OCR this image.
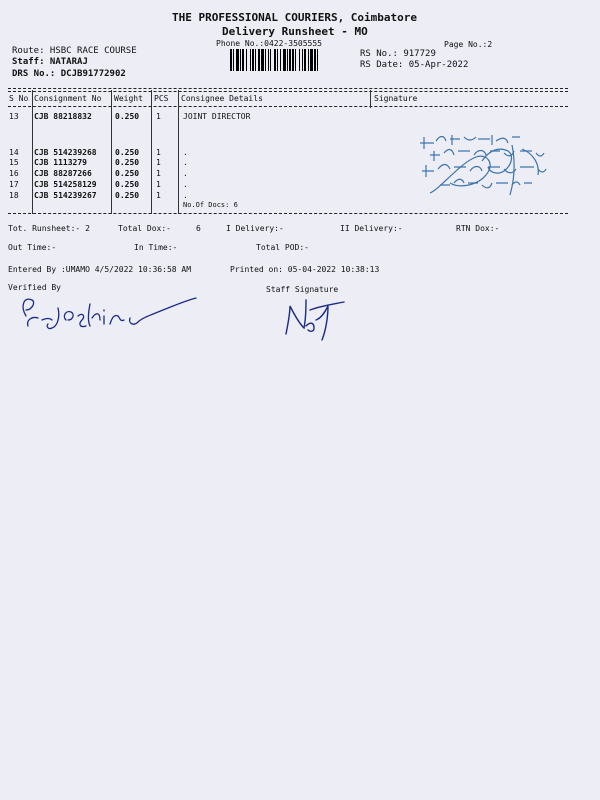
THE PROFESSIONAL COURIERS, Coimbatore
Delivery Runsheet - MO
Phone No.:0422-3505555	Page No.:2
Route: HSBC RACE COURSE
Staff: NATARAJ
DRS No.: DCJB91772902
RS No.: 917729
RS Date: 05-Apr-2022
S No Consignment No Weight PCS Consignee Details	Signature
13 CJB 88218832	0.250 1	JOINT DIRECTOR
14 CJB 514239268 0.250 1	.
15 CJB 1113279	0.250 1	.
16 CJB 88287266	0.250 1	.
17 CJB 514258129 0.250 1	.
18 CJB 514239267 0.250 1	.
No.Of Docs: 6
Tot. Runsheet:- 2	Total Dox:-	6	I Delivery:-	II Delivery:-	RTN Dox:-
Out Time:-	In Time:-	Total POD:-
Entered By :UMAMO 4/5/2022 10:36:58 AM	Printed on: 05-04-2022 10:38:13
Verified By	Staff Signature
